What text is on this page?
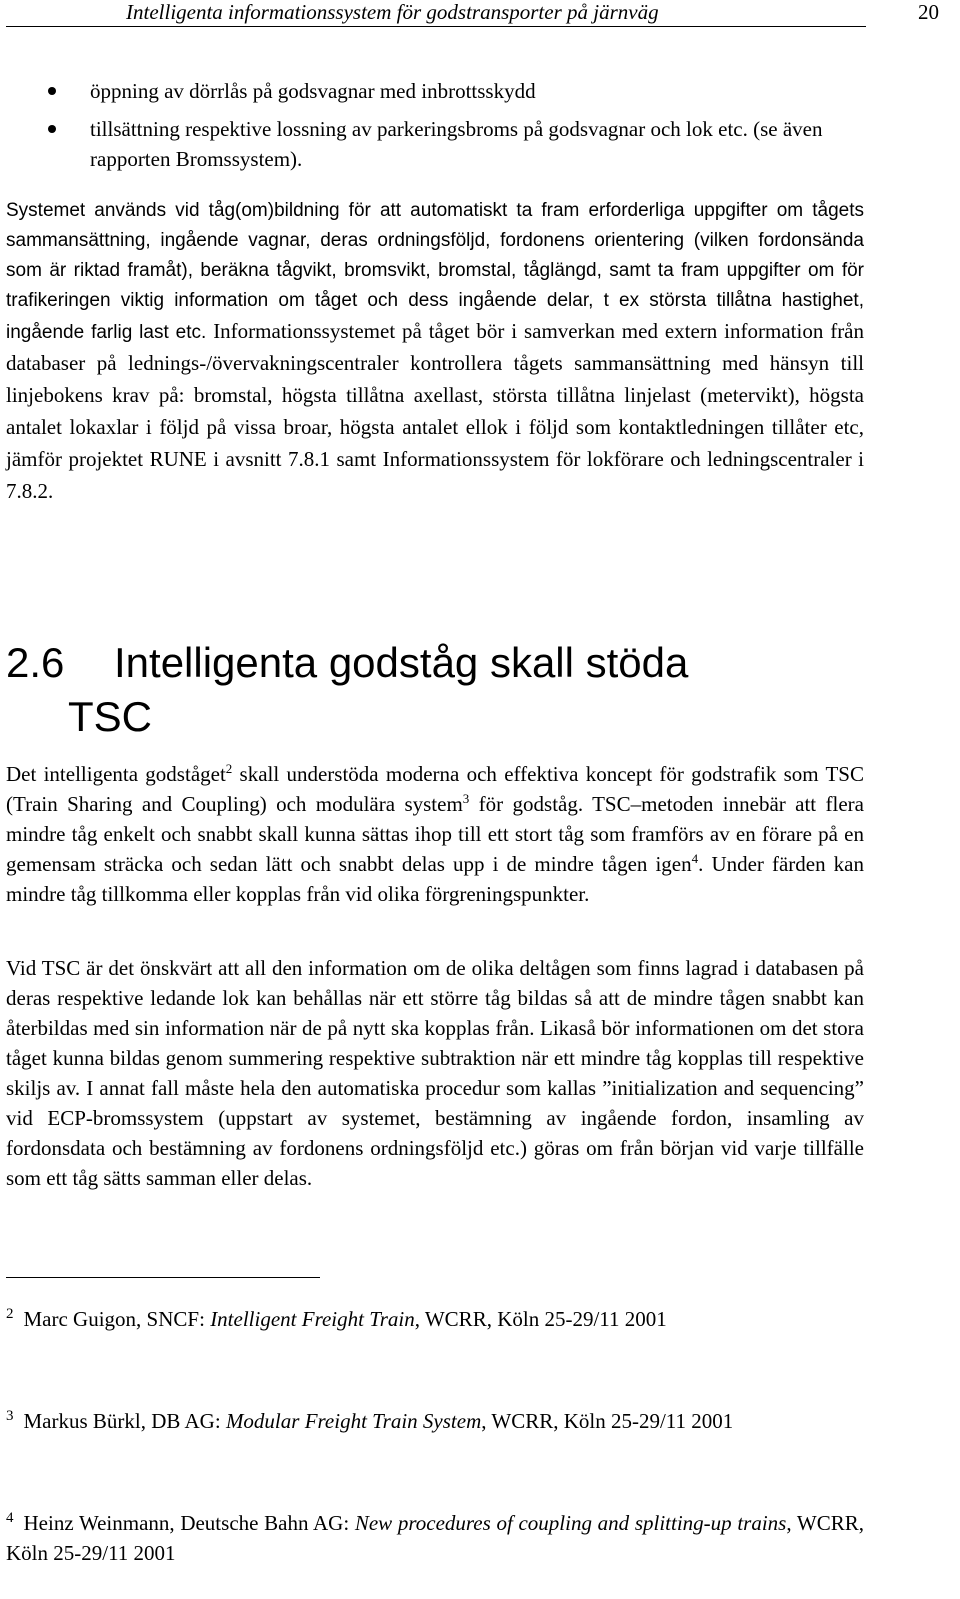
Intelligenta informationssystem för godstransporter på järnväg	20
öppning av dörrlås på godsvagnar med inbrottsskydd
tillsättning respektive lossning av parkeringsbroms på godsvagnar och lok etc. (se även rapporten Bromssystem).

Systemet används vid tåg(om)bildning för att automatiskt ta fram erforderliga uppgifter om tågets sammansättning, ingående vagnar, deras ordningsföljd, fordonens orientering (vilken fordonsända som är riktad framåt), beräkna tågvikt, bromsvikt, bromstal, tåglängd, samt ta fram uppgifter om för trafikeringen viktig information om tåget och dess ingående delar, t ex största tillåtna hastighet, ingående farlig last etc. Informationssystemet på tåget bör i samverkan med extern information från databaser på lednings-/övervakningscentraler kontrollera tågets sammansättning med hänsyn till linjebokens krav på: bromstal, högsta tillåtna axellast, största tillåtna linjelast (metervikt), högsta antalet lokaxlar i följd på vissa broar, högsta antalet ellok i följd som kontaktledningen tillåter etc, jämför projektet RUNE i avsnitt 7.8.1 samt Informationssystem för lokförare och ledningscentraler i 7.8.2.

2.6 Intelligenta godståg skall stöda
TSC

Det intelligenta godståget$^2$ skall understöda moderna och effektiva koncept för godstrafik som TSC (Train Sharing and Coupling) och modulära system$^3$ för godståg. TSC–metoden innebär att flera mindre tåg enkelt och snabbt skall kunna sättas ihop till ett stort tåg som framförs av en förare på en gemensam sträcka och sedan lätt och snabbt delas upp i de mindre tågen igen$^4$. Under färden kan mindre tåg tillkomma eller kopplas från vid olika förgreningspunkter.

Vid TSC är det önskvärt att all den information om de olika deltågen som finns lagrad i databasen på deras respektive ledande lok kan behållas när ett större tåg bildas så att de mindre tågen snabbt kan återbildas med sin information när de på nytt ska kopplas från. Likaså bör informationen om det stora tåget kunna bildas genom summering respektive subtraktion när ett mindre tåg kopplas till respektive skiljs av. I annat fall måste hela den automatiska procedur som kallas ”initialization and sequencing” vid ECP-bromssystem (uppstart av systemet, bestämning av ingående fordon, insamling av fordonsdata och bestämning av fordonens ordningsföljd etc.) göras om från början vid varje tillfälle som ett tåg sätts samman eller delas.

$^2$ Marc Guigon, SNCF: Intelligent Freight Train, WCRR, Köln 25-29/11 2001

$^3$ Markus Bürkl, DB AG: Modular Freight Train System, WCRR, Köln 25-29/11 2001

$^4$ Heinz Weinmann, Deutsche Bahn AG: New procedures of coupling and splitting-up trains, WCRR, Köln 25-29/11 2001
